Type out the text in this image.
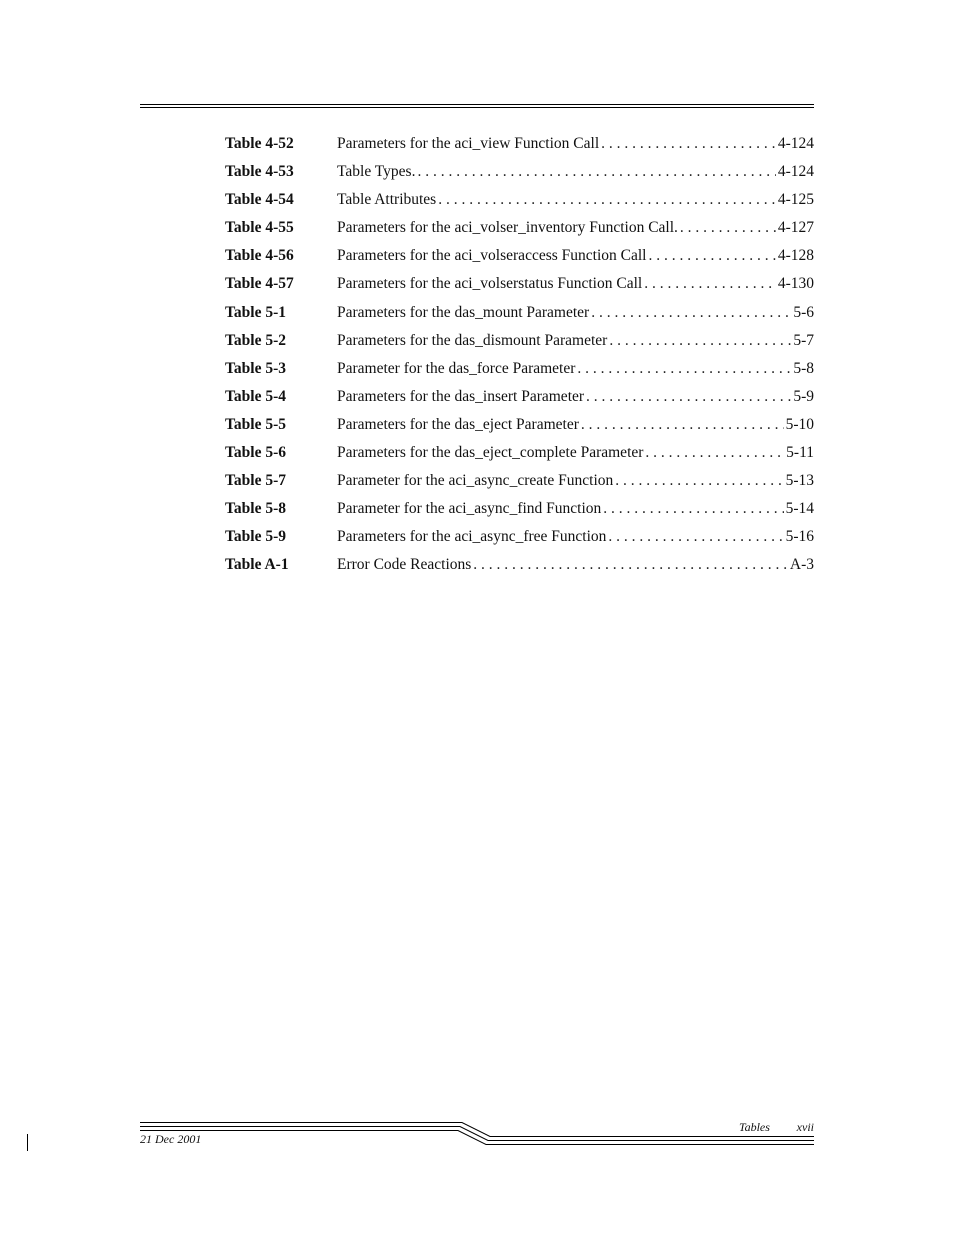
Table 4-52	Parameters for the aci_view Function Call . . .	4-124
Table 4-53	Table Types. . . .	4-124
Table 4-54	Table Attributes . . .	4-125
Table 4-55	Parameters for the aci_volser_inventory Function Call. . . .	4-127
Table 4-56	Parameters for the aci_volseraccess Function Call . . .	4-128
Table 4-57	Parameters for the aci_volserstatus Function Call . . .	4-130
Table 5-1	Parameters for the das_mount Parameter . . .	5-6
Table 5-2	Parameters for the das_dismount Parameter . . .	5-7
Table 5-3	Parameter for the das_force Parameter . . .	5-8
Table 5-4	Parameters for the das_insert Parameter . . .	5-9
Table 5-5	Parameters for the das_eject Parameter . . .	5-10
Table 5-6	Parameters for the das_eject_complete Parameter . . .	5-11
Table 5-7	Parameter for the aci_async_create Function . . .	5-13
Table 5-8	Parameter for the aci_async_find Function . . .	5-14
Table 5-9	Parameters for the aci_async_free Function . . .	5-16
Table A-1	Error Code Reactions . . .	A-3
21 Dec 2001
Tables xvii
